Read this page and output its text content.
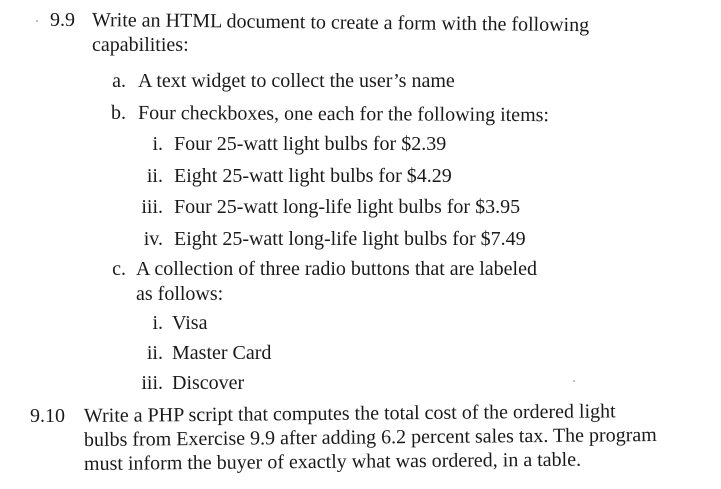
9.9 Write an HTML document to create a form with the following
capabilities:
a. A text widget to collect the user’s name
b. Four checkboxes, one each for the following items:
i. Four 25-watt light bulbs for $2.39
ii. Eight 25-watt light bulbs for $4.29
iii. Four 25-watt long-life light bulbs for $3.95
iv. Eight 25-watt long-life light bulbs for $7.49
c. A collection of three radio buttons that are labeled
as follows:
i. Visa
ii. Master Card
iii. Discover
9.10 Write a PHP script that computes the total cost of the ordered light
bulbs from Exercise 9.9 after adding 6.2 percent sales tax. The program
must inform the buyer of exactly what was ordered, in a table.
